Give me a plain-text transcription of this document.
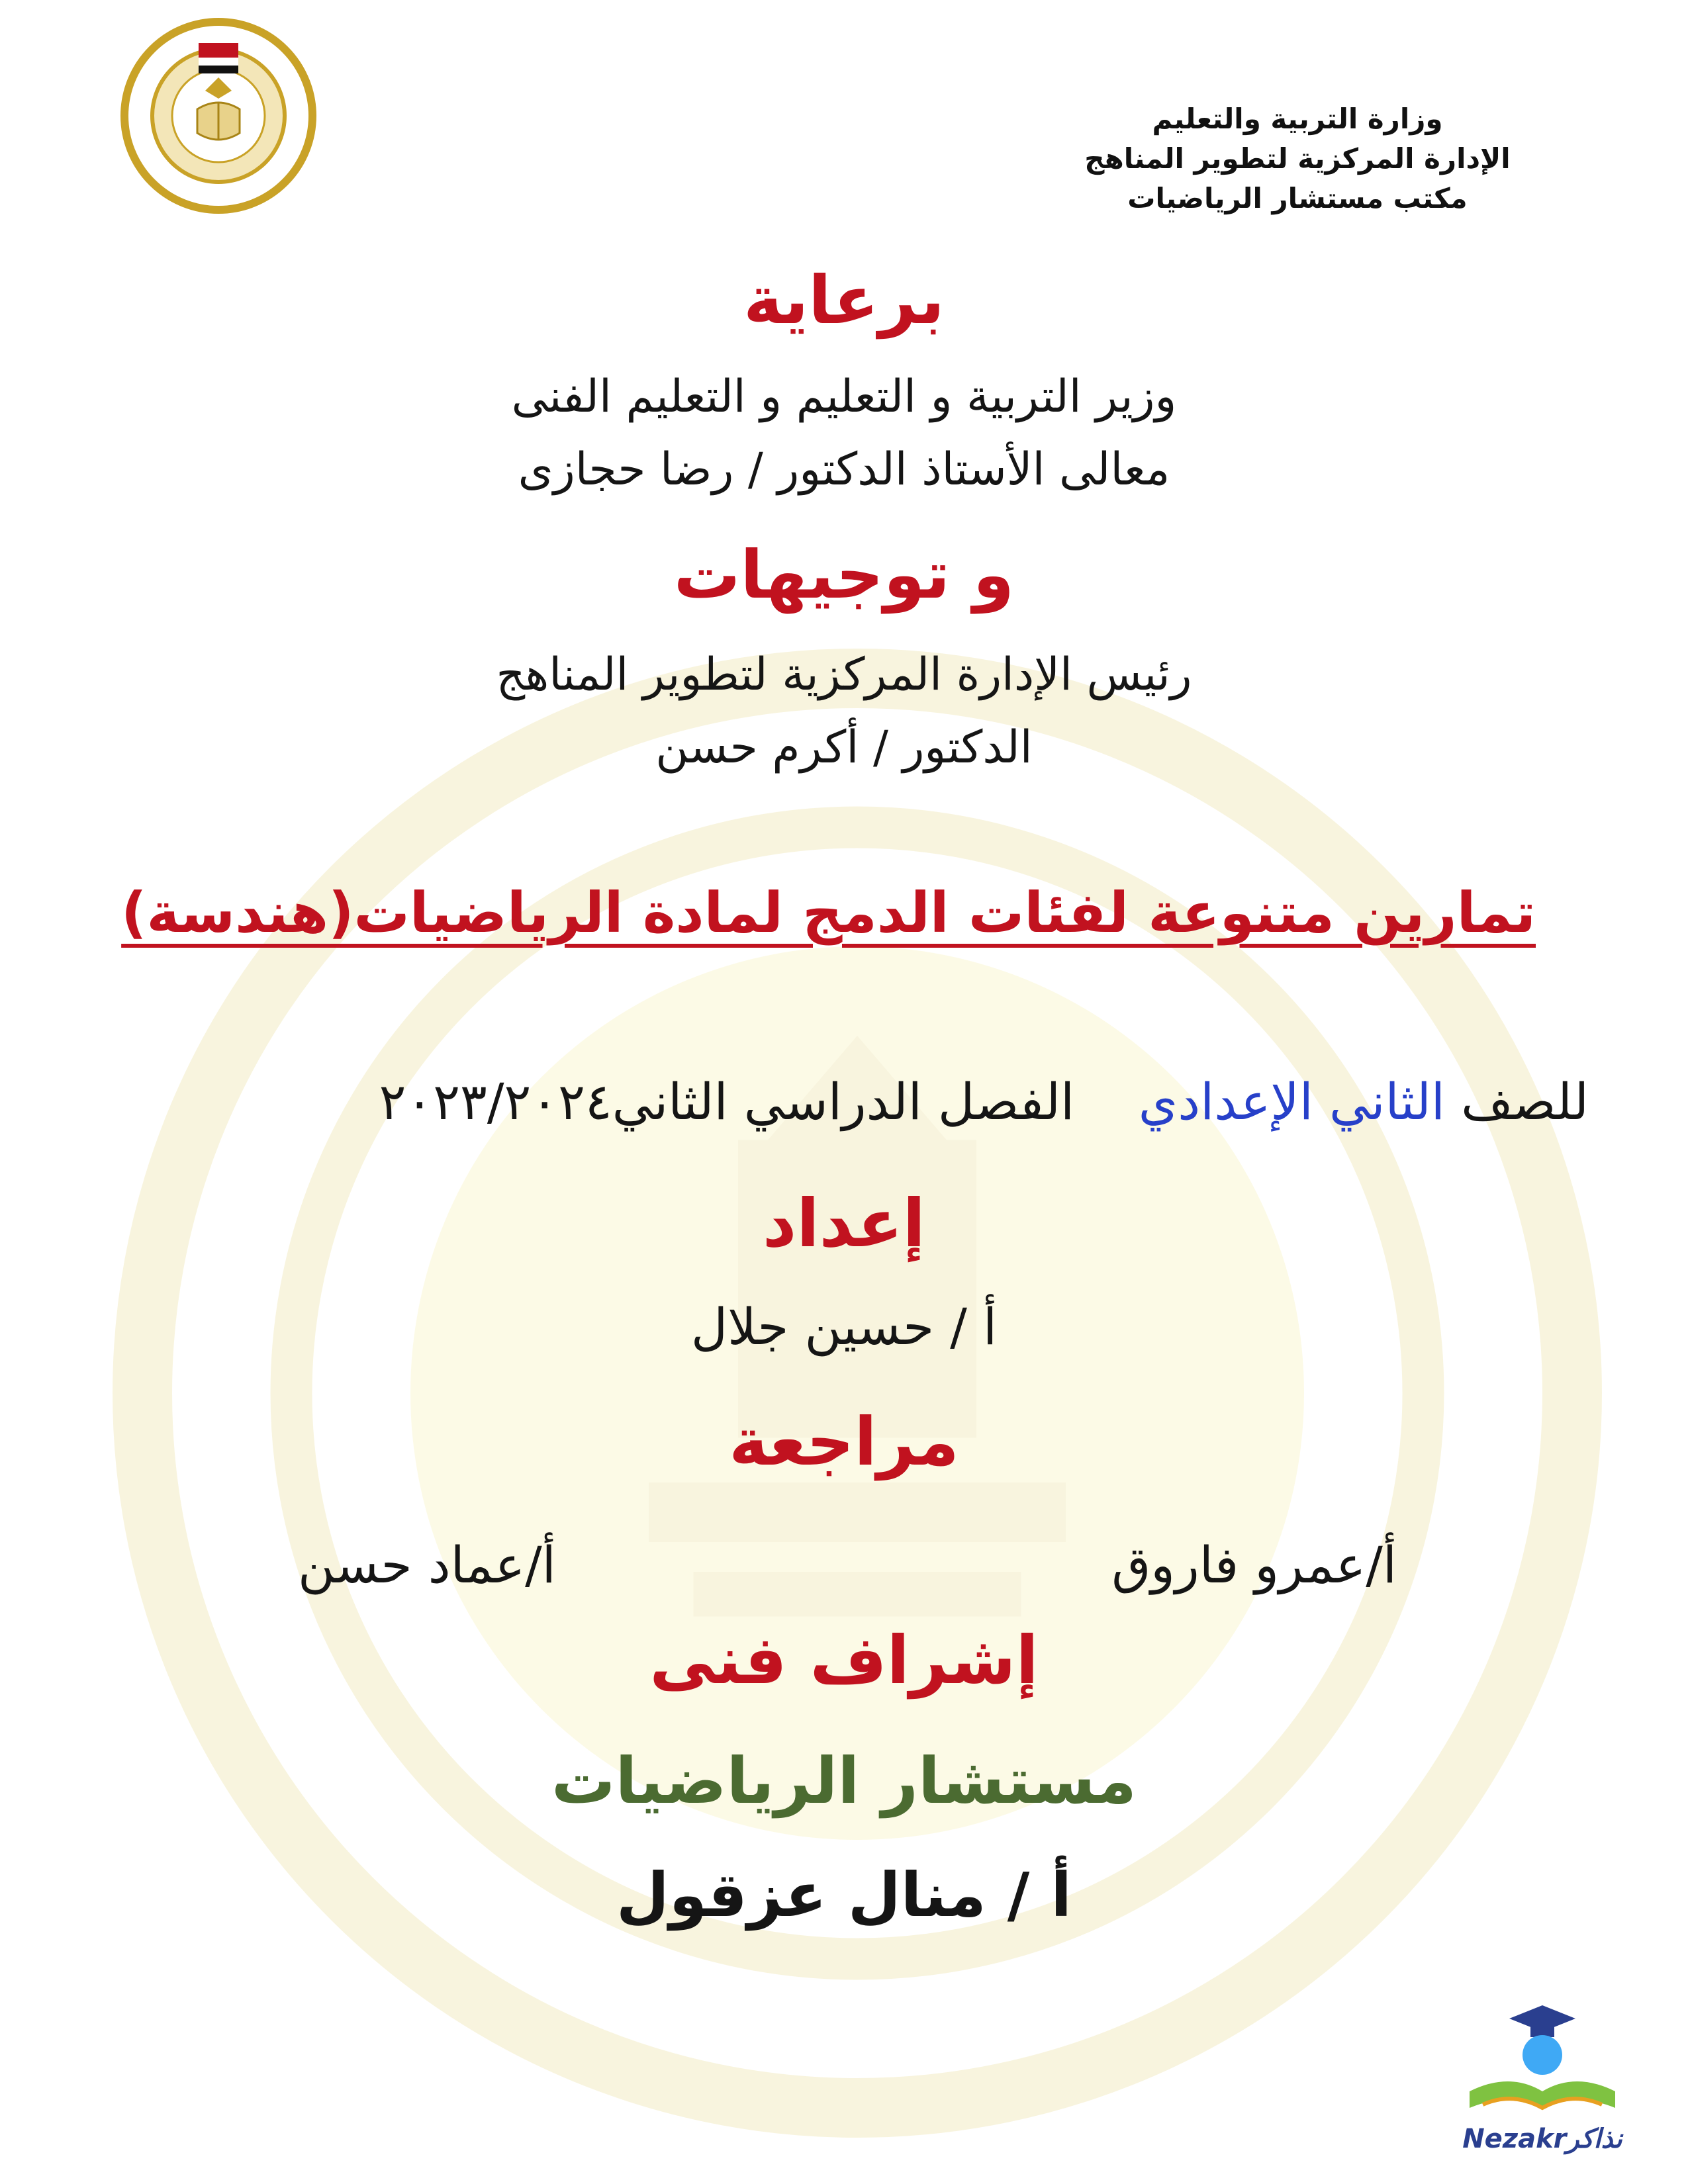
وزارة التربية والتعليم
الإدارة المركزية لتطوير المناهج
مكتب مستشار الرياضيات
برعاية
وزير التربية و التعليم و التعليم الفنى
معالى الأستاذ الدكتور / رضا حجازى
و توجيهات
رئيس الإدارة المركزية لتطوير المناهج
الدكتور / أكرم حسن
تمارين متنوعة لفئات الدمج لمادة الرياضيات(هندسة)
للصف الثاني الإعدادي    الفصل الدراسي الثاني٢٠٢٣/٢٠٢٤
إعداد
أ / حسين جلال
مراجعة
أ/عمرو فاروق
أ/عماد حسن
إشراف فنى
مستشار الرياضيات
أ / منال عزقول
Nezakrنذاكر
